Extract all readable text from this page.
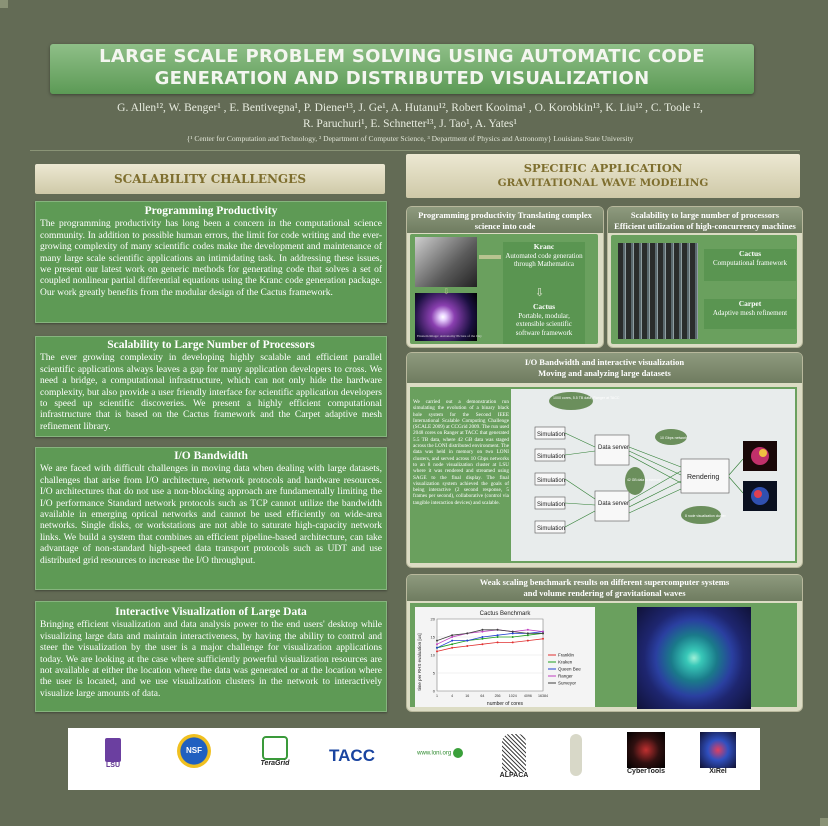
LARGE SCALE PROBLEM SOLVING USING AUTOMATIC CODE
GENERATION AND DISTRIBUTED VISUALIZATION
G. Allen¹², W. Benger¹ , E. Bentivegna¹, P. Diener¹³, J. Ge¹, A. Hutanu¹², Robert Kooima¹ , O. Korobkin¹³, K. Liu¹² , C. Toole ¹²,
R. Paruchuri¹, E. Schnetter¹³, J. Tao¹, A. Yates¹
{¹ Center for Computation and Technology, ² Department of Computer Science, ³ Department of Physics and Astronomy} Louisiana State University
SCALABILITY CHALLENGES
Programming Productivity

The programming productivity has long been a concern in the computational science community. In addition to possible human errors, the limit for code writing and the ever-growing complexity of many scientific codes make the development and maintenance of many large scale scientific applications an intimidating task. In addressing these issues, we present our latest work on generic methods for generating code that solves a set of coupled nonlinear partial differential equations using the Kranc code generation package. Our work greatly benefits from the modular design of the Cactus framework.

Scalability to Large Number of Processors

The ever growing complexity in developing highly scalable and efficient parallel scientific applications always leaves a gap for many application developers to cross. We need a bridge, a computational infrastructure, which can not only hide the hardware complexity, but also provide a user friendly interface for scientific application developers to speed up scientific discoveries. We present a highly efficient computational infrastructure that is based on the Cactus framework and the Carpet adaptive mesh refinement library.

I/O Bandwidth

We are faced with difficult challenges in moving data when dealing with large datasets, challenges that arise from I/O architecture, network protocols and hardware resources. I/O architectures that do not use a non-blocking approach are fundamentally limiting the I/O performance Standard network protocols such as TCP cannot utilize the bandwidth available in emerging optical networks and cannot be used efficiently on wide-area networks. Single disks, or workstations are not able to saturate high-capacity network links. We build a system that combines an efficient pipeline-based architecture, can take advantage of non-standard high-speed data transport protocols such as UDT and use distributed grid resources to increase the I/O throughput.

Interactive Visualization of Large Data

Bringing efficient visualization and data analysis power to the end users' desktop while visualizing large data and maintain interactiveness, by having the ability to control and steer the visualization by the user is a major challenge for visualization applications today. We are looking at the case where sufficiently powerful visualization resources are not available at either the location where the data was generated or at the location where the user is located, and we use visualization clusters in the network to interactively visualize large amounts of data.

SPECIFIC APPLICATION
GRAVITATIONAL WAVE MODELING
Programming productivity Translating complex science into code
Einstein Image: Astronomy Picture of the Day
⇩
Kranc
Automated code generation through Mathematica
⇩
Cactus
Portable, modular, extensible scientific software framework
Scalability to large number of processors
Efficient utilization of high-concurrency machines
Cactus
Computational framework
Carpet
Adaptive mesh refinement
I/O Bandwidth and interactive visualization
Moving and analyzing large datasets
We carried out a demonstration run simulating the evolution of a binary black hole system for the Second IEEE International Scalable Computing Challenge (SCALE 2009) at CCGrid 2009. The run used 2048 cores on Ranger at TACC that generated 5.5 TB data, where 42 GB data was staged across the LONI distributed environment. The data was held in memory on two LONI clusters, and served across 10 Gbps networks to an 8 node visualization cluster at LSU where it was rendered and streamed using SAGE to the final display. The final visualization system achieved the goals of being interactive (2 second response, 5 frames per second), collaborative (control via tangible interaction devices) and scalable.
Simulation
Simulation
Simulation
Simulation
Simulation
Data server
Data server
Rendering
1000 cores, 5.5 TB data, Ranger at TACC
42 GB data in memory
10 Gbps network
8 node visualization cluster
Weak scaling benchmark results on different supercomputer systems
and volume rendering of gravitational waves
Cactus Benchmark
number of cores
time per RHS evaluation [us]
0
5
10
15
20
1	4	16	64	256 1024 4096 16384
Franklin
Kraken
Queen Bee
Ranger
Surveyor
LSU
NSF
TeraGrid	TACC	www.loni.org
ALPACA
CyberTools	XiRel
